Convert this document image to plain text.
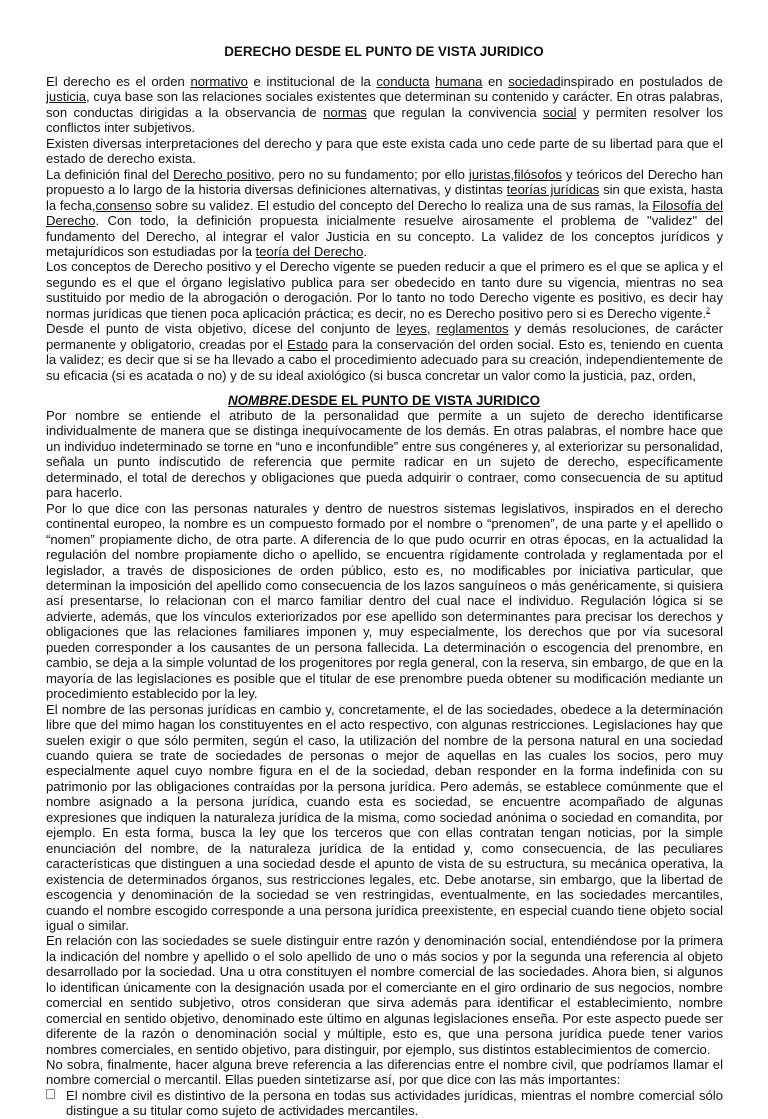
DERECHO DESDE EL PUNTO DE VISTA JURIDICO

El derecho es el orden normativo e institucional de la conducta humana en sociedadinspirado en postulados de justicia, cuya base son las relaciones sociales existentes que determinan su contenido y carácter. En otras palabras, son conductas dirigidas a la observancia de normas que regulan la convivencia social y permiten resolver los conflictos inter subjetivos.

Existen diversas interpretaciones del derecho y para que este exista cada uno cede parte de su libertad para que el estado de derecho exista.

La definición final del Derecho positivo, pero no su fundamento; por ello juristas,filósofos y teóricos del Derecho han propuesto a lo largo de la historia diversas definiciones alternativas, y distintas teorías jurídicas sin que exista, hasta la fecha,consenso sobre su validez. El estudio del concepto del Derecho lo realiza una de sus ramas, la Filosofía del Derecho. Con todo, la definición propuesta inicialmente resuelve airosamente el problema de "validez" del fundamento del Derecho, al integrar el valor Justicia en su concepto. La validez de los conceptos jurídicos y metajurídicos son estudiadas por la teoría del Derecho.

Los conceptos de Derecho positivo y el Derecho vigente se pueden reducir a que el primero es el que se aplica y el segundo es el que el órgano legislativo publica para ser obedecido en tanto dure su vigencia, mientras no sea sustituido por medio de la abrogación o derogación. Por lo tanto no todo Derecho vigente es positivo, es decir hay normas jurídicas que tienen poca aplicación práctica; es decir, no es Derecho positivo pero si es Derecho vigente.$^2$

Desde el punto de vista objetivo, dícese del conjunto de leyes, reglamentos y demás resoluciones, de carácter permanente y obligatorio, creadas por el Estado para la conservación del orden social. Esto es, teniendo en cuenta la validez; es decir que si se ha llevado a cabo el procedimiento adecuado para su creación, independientemente de su eficacia (si es acatada o no) y de su ideal axiológico (si busca concretar un valor como la justicia, paz, orden,

NOMBRE.DESDE EL PUNTO DE VISTA JURIDICO

Por nombre se entiende el atributo de la personalidad que permite a un sujeto de derecho identificarse individualmente de manera que se distinga inequívocamente de los demás. En otras palabras, el nombre hace que un individuo indeterminado se torne en “uno e inconfundible” entre sus congéneres y, al exteriorizar su personalidad, señala un punto indiscutido de referencia que permite radicar en un sujeto de derecho, específicamente determinado, el total de derechos y obligaciones que pueda adquirir o contraer, como consecuencia de su aptitud para hacerlo.

Por lo que dice con las personas naturales y dentro de nuestros sistemas legislativos, inspirados en el derecho continental europeo, la nombre es un compuesto formado por el nombre o “prenomen”, de una parte y el apellido o “nomen” propiamente dicho, de otra parte. A diferencia de lo que pudo ocurrir en otras épocas, en la actualidad la regulación del nombre propiamente dicho o apellido, se encuentra rígidamente controlada y reglamentada por el legislador, a través de disposiciones de orden público, esto es, no modificables por iniciativa particular, que determinan la imposición del apellido como consecuencia de los lazos sanguíneos o más genéricamente, si quisiera así presentarse, lo relacionan con el marco familiar dentro del cual nace el individuo. Regulación lógica si se advierte, además, que los vínculos exteriorizados por ese apellido son determinantes para precisar los derechos y obligaciones que las relaciones familiares imponen y, muy especialmente, los derechos que por vía sucesoral pueden corresponder a los causantes de un persona fallecida. La determinación o escogencia del prenombre, en cambio, se deja a la simple voluntad de los progenitores por regla general, con la reserva, sin embargo, de que en la mayoría de las legislaciones es posible que el titular de ese prenombre pueda obtener su modificación mediante un procedimiento establecido por la ley.

El nombre de las personas jurídicas en cambio y, concretamente, el de las sociedades, obedece a la determinación libre que del mimo hagan los constituyentes en el acto respectivo, con algunas restricciones. Legislaciones hay que suelen exigir o que sólo permiten, según el caso, la utilización del nombre de la persona natural en una sociedad cuando quiera se trate de sociedades de personas o mejor de aquellas en las cuales los socios, pero muy especialmente aquel cuyo nombre figura en el de la sociedad, deban responder en la forma indefinida con su patrimonio por las obligaciones contraídas por la persona jurídica. Pero además, se establece comúnmente que el nombre asignado a la persona jurídica, cuando esta es sociedad, se encuentre acompañado de algunas expresiones que indiquen la naturaleza jurídica de la misma, como sociedad anónima o sociedad en comandita, por ejemplo. En esta forma, busca la ley que los terceros que con ellas contratan tengan noticias, por la simple enunciación del nombre, de la naturaleza jurídica de la entidad y, como consecuencia, de las peculiares características que distinguen a una sociedad desde el apunto de vista de su estructura, su mecánica operativa, la existencia de determinados órganos, sus restricciones legales, etc. Debe anotarse, sin embargo, que la libertad de escogencia y denominación de la sociedad se ven restringidas, eventualmente, en las sociedades mercantiles, cuando el nombre escogido corresponde a una persona jurídica preexistente, en especial cuando tiene objeto social igual o similar.

En relación con las sociedades se suele distinguir entre razón y denominación social, entendiéndose por la primera la indicación del nombre y apellido o el solo apellido de uno o más socios y por la segunda una referencia al objeto desarrollado por la sociedad. Una u otra constituyen el nombre comercial de las sociedades. Ahora bien, si algunos lo identifican únicamente con la designación usada por el comerciante en el giro ordinario de sus negocios, nombre comercial en sentido subjetivo, otros consideran que sirva además para identificar el establecimiento, nombre comercial en sentido objetivo, denominado este último en algunas legislaciones enseña. Por este aspecto puede ser diferente de la razón o denominación social y múltiple, esto es, que una persona jurídica puede tener varios nombres comerciales, en sentido objetivo, para distinguir, por ejemplo, sus distintos establecimientos de comercio.

No sobra, finalmente, hacer alguna breve referencia a las diferencias entre el nombre civil, que podríamos llamar el nombre comercial o mercantil. Ellas pueden sintetizarse así, por que dice con las más importantes:

El nombre civil es distintivo de la persona en todas sus actividades jurídicas, mientras el nombre comercial sólo distingue a su titular como sujeto de actividades mercantiles.
